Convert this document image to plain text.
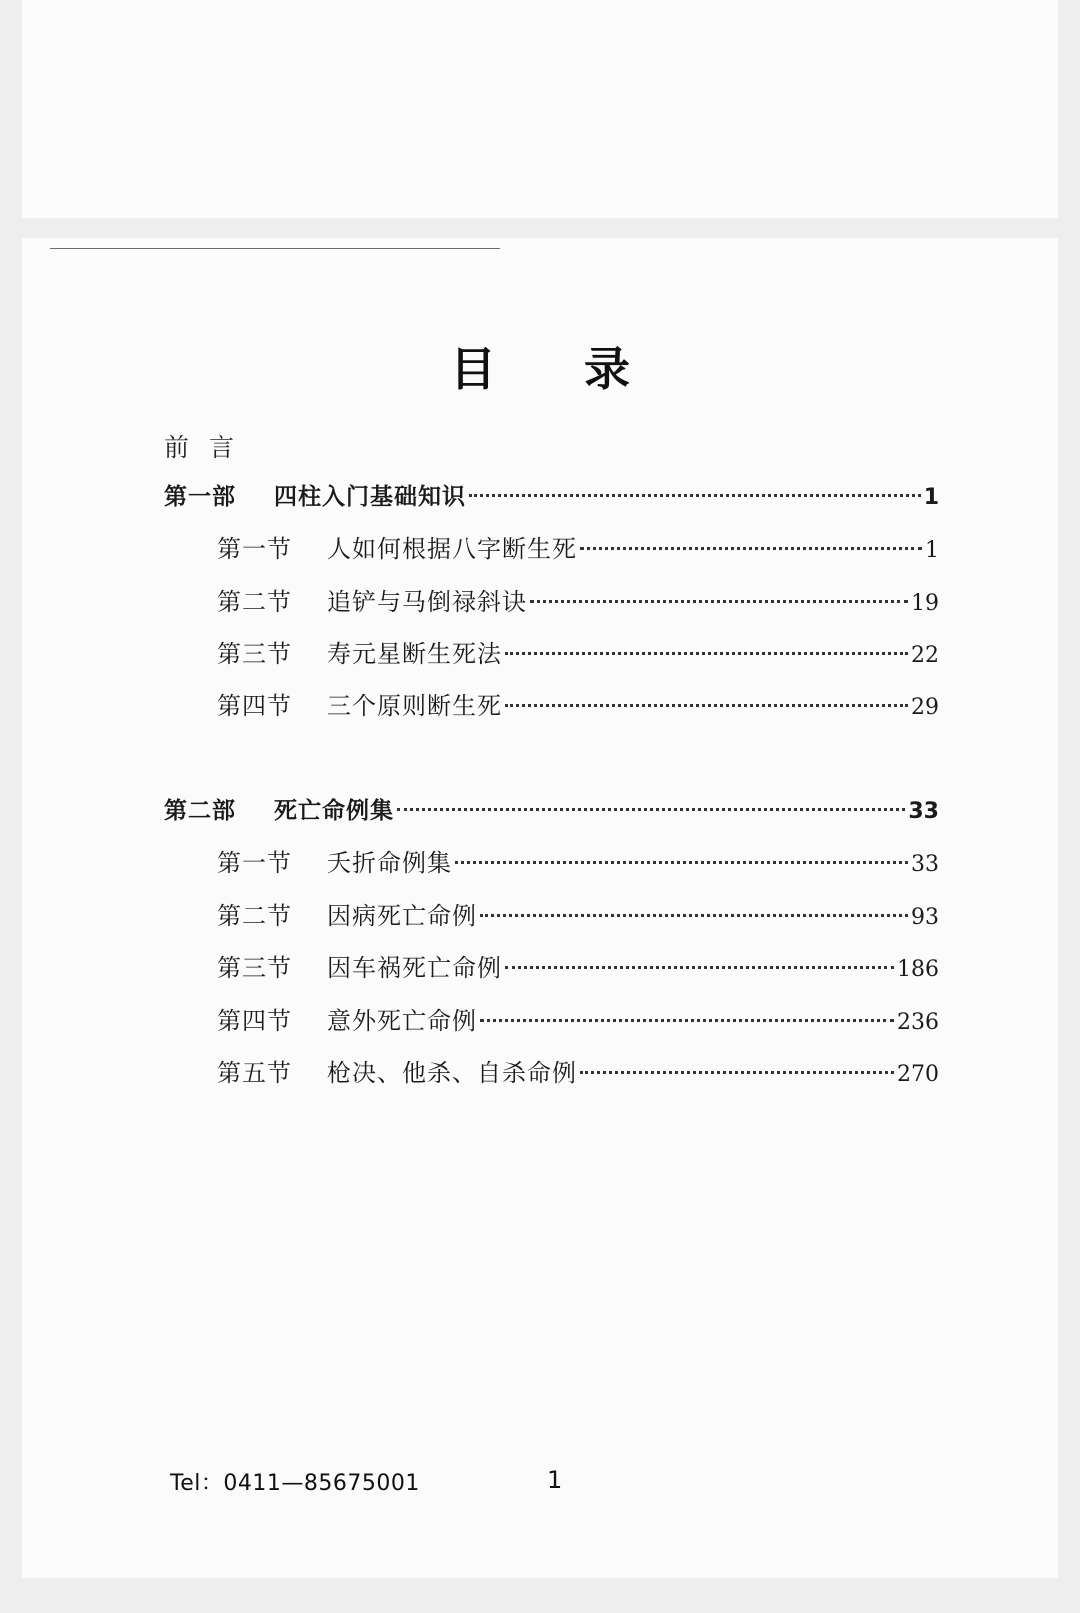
目 录
前言
第一部	四柱入门基础知识	1
第一节	人如何根据八字断生死	1
第二节	追铲与马倒禄斜诀	19
第三节	寿元星断生死法	22
第四节	三个原则断生死	29
第二部	死亡命例集	33
第一节	夭折命例集	33
第二节	因病死亡命例	93
第三节	因车祸死亡命例	186
第四节	意外死亡命例	236
第五节	枪决、他杀、自杀命例	270
Tel：0411—85675001	1
